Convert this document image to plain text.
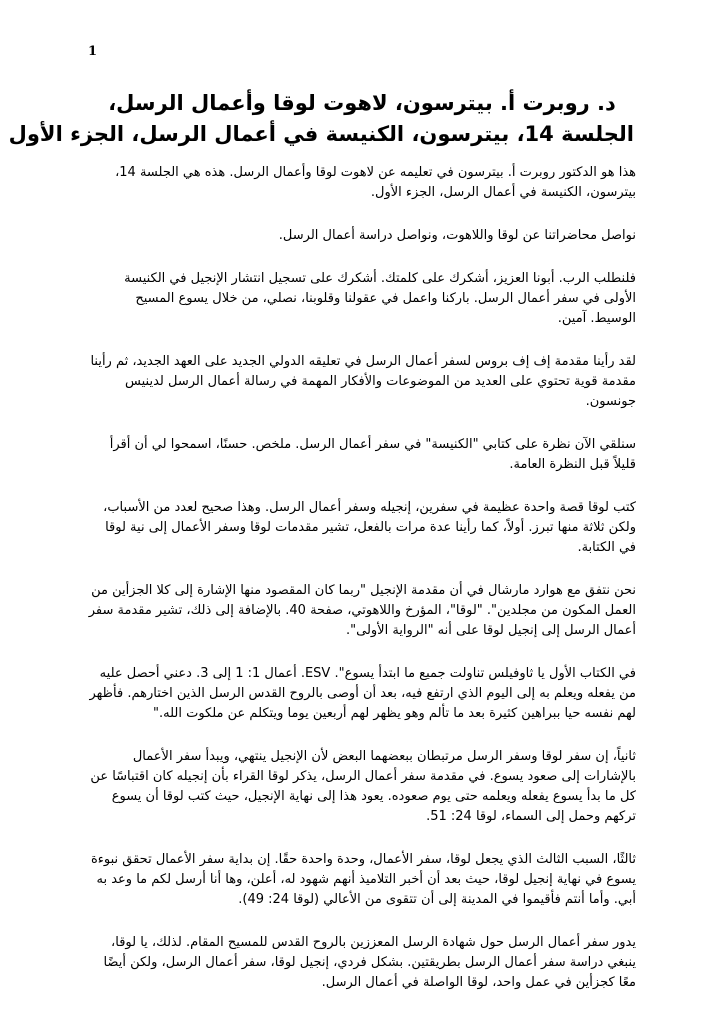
1
د. روبرت أ. بيترسون، لاهوت لوقا وأعمال الرسل،
الجلسة 14، بيترسون، الكنيسة في أعمال الرسل، الجزء الأول

هذا هو الدكتور روبرت أ. بيترسون في تعليمه عن لاهوت لوقا وأعمال الرسل. هذه هي الجلسة 14، بيترسون، الكنيسة في أعمال الرسل، الجزء الأول.

نواصل محاضراتنا عن لوقا واللاهوت، ونواصل دراسة أعمال الرسل.

فلنطلب الرب. أبونا العزيز، أشكرك على كلمتك. أشكرك على تسجيل انتشار الإنجيل في الكنيسة الأولى في سفر أعمال الرسل. باركنا واعمل في عقولنا وقلوبنا، نصلي، من خلال يسوع المسيح الوسيط. آمين.

لقد رأينا مقدمة إف إف بروس لسفر أعمال الرسل في تعليقه الدولي الجديد على العهد الجديد، ثم رأينا مقدمة قوية تحتوي على العديد من الموضوعات والأفكار المهمة في رسالة أعمال الرسل لدينيس جونسون.

سنلقي الآن نظرة على كتابي "الكنيسة" في سفر أعمال الرسل. ملخص. حسنًا، اسمحوا لي أن أقرأ قليلاً قبل النظرة العامة.

كتب لوقا قصة واحدة عظيمة في سفرين، إنجيله وسفر أعمال الرسل. وهذا صحيح لعدد من الأسباب، ولكن ثلاثة منها تبرز. أولاً، كما رأينا عدة مرات بالفعل، تشير مقدمات لوقا وسفر الأعمال إلى نية لوقا في الكتابة.

نحن نتفق مع هوارد مارشال في أن مقدمة الإنجيل "ربما كان المقصود منها الإشارة إلى كلا الجزأين من العمل المكون من مجلدين". "لوقا"، المؤرخ واللاهوتي، صفحة 40. بالإضافة إلى ذلك، تشير مقدمة سفر أعمال الرسل إلى إنجيل لوقا على أنه "الرواية الأولى".

في الكتاب الأول يا ثاوفيلس تناولت جميع ما ابتدأ يسوع". ESV. أعمال 1: 1 إلى 3. دعني أحصل عليه من يفعله ويعلم به إلى اليوم الذي ارتفع فيه، بعد أن أوصى بالروح القدس الرسل الذين اختارهم. فأظهر لهم نفسه حيا ببراهين كثيرة بعد ما تألم وهو يظهر لهم أربعين يوما ويتكلم عن ملكوت الله."

ثانياً، إن سفر لوقا وسفر الرسل مرتبطان ببعضهما البعض لأن الإنجيل ينتهي، ويبدأ سفر الأعمال بالإشارات إلى صعود يسوع. في مقدمة سفر أعمال الرسل، يذكر لوقا القراء بأن إنجيله كان اقتباسًا عن كل ما بدأ يسوع يفعله ويعلمه حتى يوم صعوده. يعود هذا إلى نهاية الإنجيل، حيث كتب لوقا أن يسوع تركهم وحمل إلى السماء، لوقا 24: 51.

ثالثًا، السبب الثالث الذي يجعل لوقا، سفر الأعمال، وحدة واحدة حقًا. إن بداية سفر الأعمال تحقق نبوءة يسوع في نهاية إنجيل لوقا، حيث بعد أن أخبر التلاميذ أنهم شهود له، أعلن، وها أنا أرسل لكم ما وعد به أبي. وأما أنتم فأقيموا في المدينة إلى أن تتقوى من الأعالي (لوقا 24: 49).

يدور سفر أعمال الرسل حول شهادة الرسل المعززين بالروح القدس للمسيح المقام. لذلك، يا لوقا، ينبغي دراسة سفر أعمال الرسل بطريقتين. بشكل فردي، إنجيل لوقا، سفر أعمال الرسل، ولكن أيضًا معًا كجزأين في عمل واحد، لوقا الواصلة في أعمال الرسل.
